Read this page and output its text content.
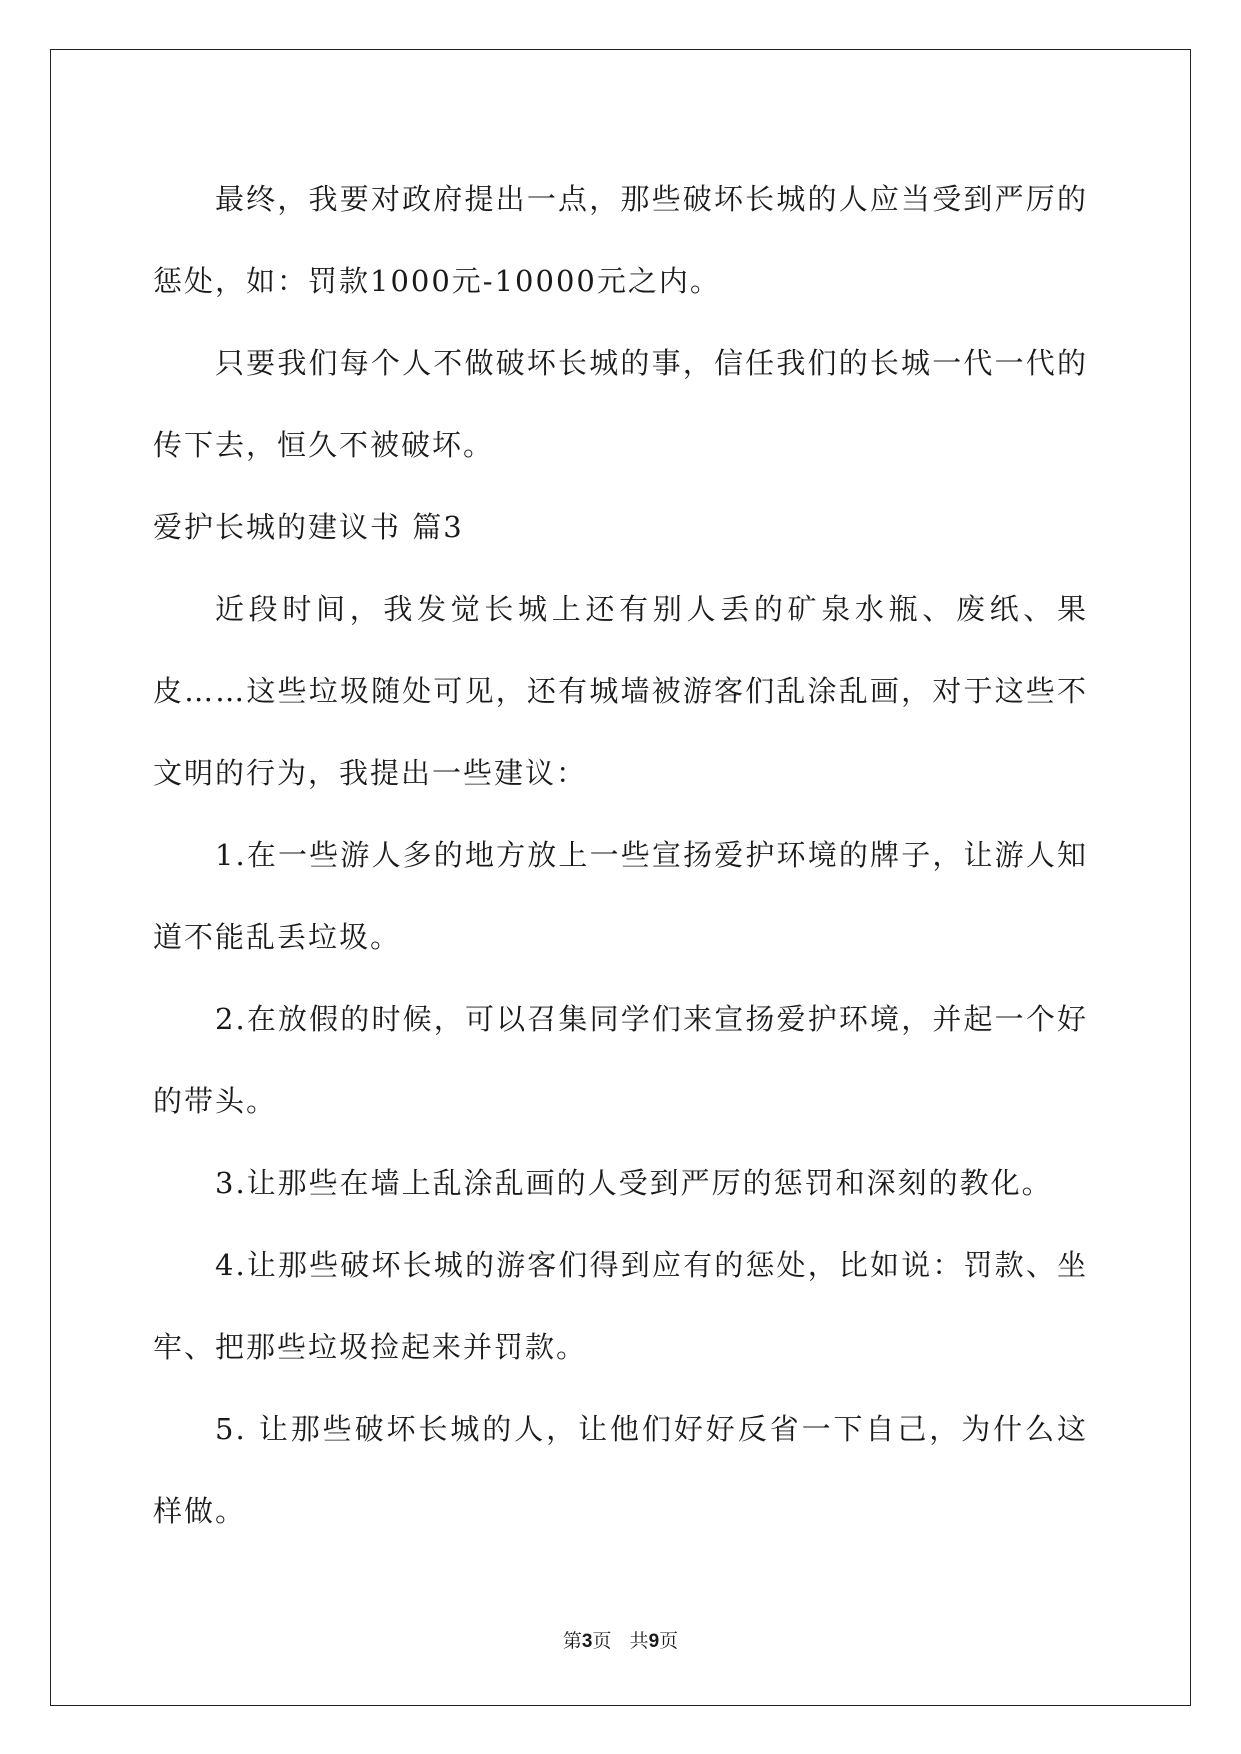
最终，我要对政府提出一点，那些破坏长城的人应当受到严厉的惩处，如：罚款1000元-10000元之内。

只要我们每个人不做破坏长城的事，信任我们的长城一代一代的传下去，恒久不被破坏。

爱护长城的建议书 篇3

近段时间，我发觉长城上还有别人丢的矿泉水瓶、废纸、果皮……这些垃圾随处可见，还有城墙被游客们乱涂乱画，对于这些不文明的行为，我提出一些建议：

1.在一些游人多的地方放上一些宣扬爱护环境的牌子，让游人知道不能乱丢垃圾。

2.在放假的时候，可以召集同学们来宣扬爱护环境，并起一个好的带头。

3.让那些在墙上乱涂乱画的人受到严厉的惩罚和深刻的教化。

4.让那些破坏长城的游客们得到应有的惩处，比如说：罚款、坐牢、把那些垃圾捡起来并罚款。

5. 让那些破坏长城的人，让他们好好反省一下自己，为什么这样做。

第3页   共9页
